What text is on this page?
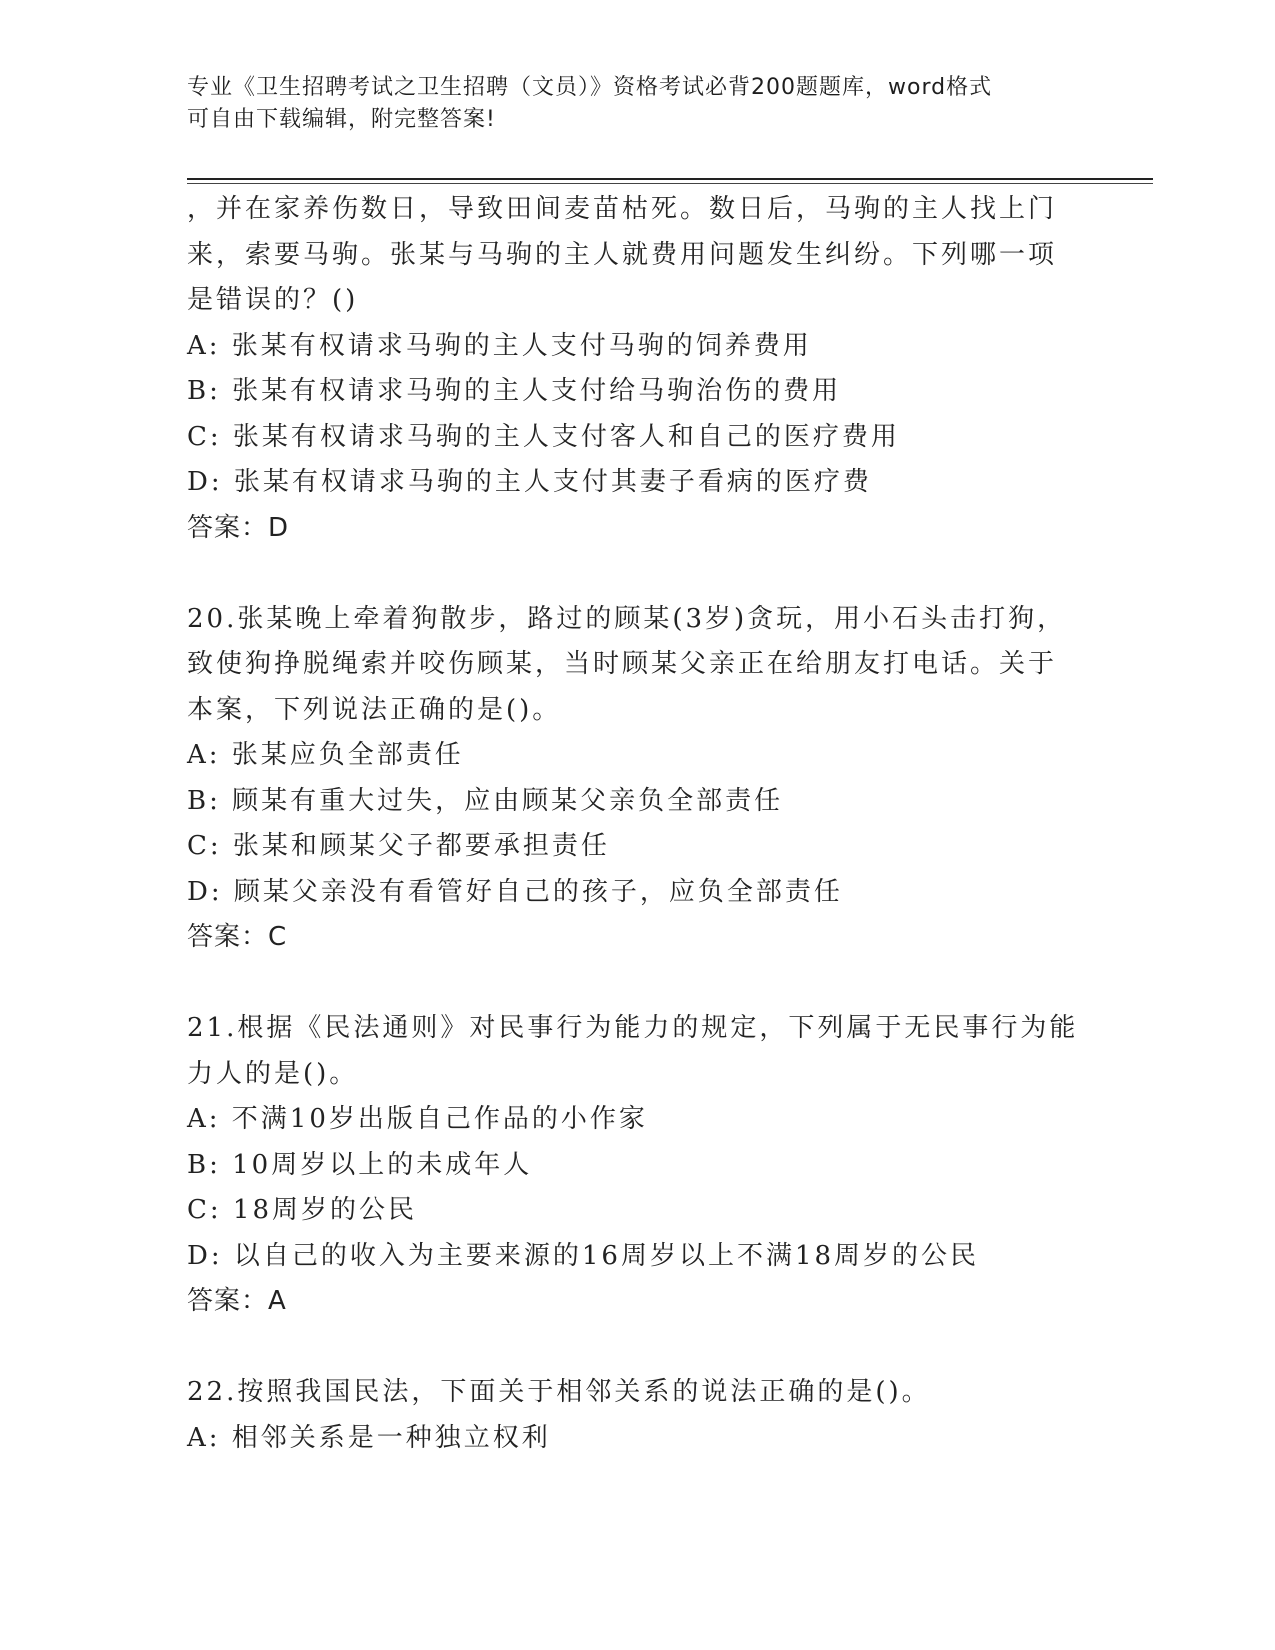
专业《卫生招聘考试之卫生招聘（文员）》资格考试必背200题题库，word格式
可自由下载编辑，附完整答案!
，并在家养伤数日，导致田间麦苗枯死。数日后，马驹的主人找上门
来，索要马驹。张某与马驹的主人就费用问题发生纠纷。下列哪一项
是错误的？()
A: 张某有权请求马驹的主人支付马驹的饲养费用
B: 张某有权请求马驹的主人支付给马驹治伤的费用
C: 张某有权请求马驹的主人支付客人和自己的医疗费用
D: 张某有权请求马驹的主人支付其妻子看病的医疗费
答案：D
20.张某晚上牵着狗散步，路过的顾某(3岁)贪玩，用小石头击打狗，
致使狗挣脱绳索并咬伤顾某，当时顾某父亲正在给朋友打电话。关于
本案，下列说法正确的是()。
A: 张某应负全部责任
B: 顾某有重大过失，应由顾某父亲负全部责任
C: 张某和顾某父子都要承担责任
D: 顾某父亲没有看管好自己的孩子，应负全部责任
答案：C
21.根据《民法通则》对民事行为能力的规定，下列属于无民事行为能
力人的是()。
A: 不满10岁出版自己作品的小作家
B: 10周岁以上的未成年人
C: 18周岁的公民
D: 以自己的收入为主要来源的16周岁以上不满18周岁的公民
答案：A
22.按照我国民法，下面关于相邻关系的说法正确的是()。
A: 相邻关系是一种独立权利
